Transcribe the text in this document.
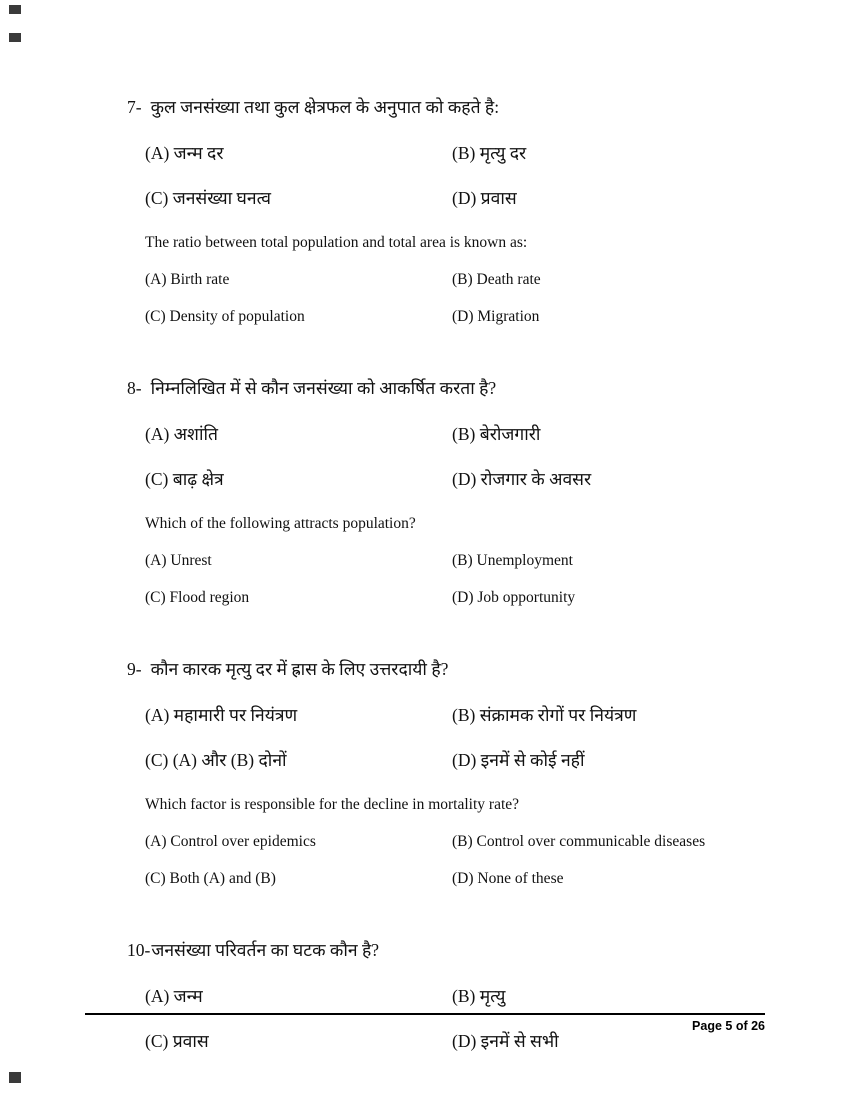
7- कुल जनसंख्या तथा कुल क्षेत्रफल के अनुपात को कहते है:
(A) जन्म दर	(B) मृत्यु दर
(C) जनसंख्या घनत्व	(D) प्रवास
The ratio between total population and total area is known as:
(A) Birth rate	(B) Death rate
(C) Density of population	(D) Migration
8- निम्नलिखित में से कौन जनसंख्या को आकर्षित करता है?
(A) अशांति	(B) बेरोजगारी
(C) बाढ़ क्षेत्र	(D) रोजगार के अवसर
Which of the following attracts population?
(A) Unrest	(B) Unemployment
(C) Flood region	(D) Job opportunity
9- कौन कारक मृत्यु दर में ह्रास के लिए उत्तरदायी है?
(A) महामारी पर नियंत्रण	(B) संक्रामक रोगों पर नियंत्रण
(C) (A) और (B) दोनों	(D) इनमें से कोई नहीं
Which factor is responsible for the decline in mortality rate?
(A) Control over epidemics	(B) Control over communicable diseases
(C) Both (A) and (B)	(D) None of these
10-जनसंख्या परिवर्तन का घटक कौन है?
(A) जन्म	(B) मृत्यु
(C) प्रवास	(D) इनमें से सभी
Page 5 of 26
